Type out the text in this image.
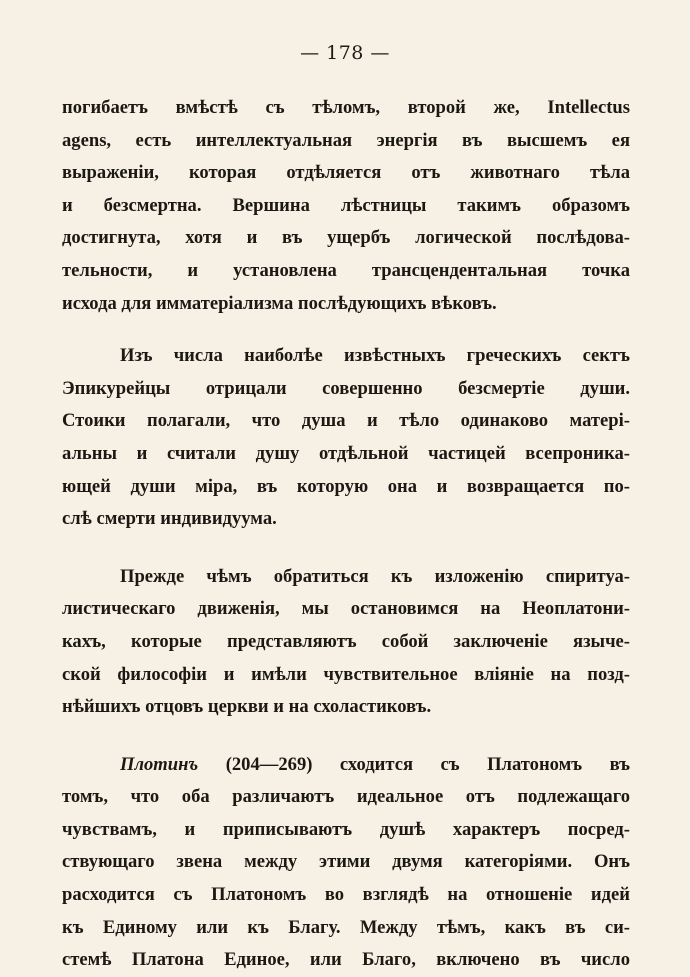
— 178 —
погибаетъ вмѣстѣ съ тѣломъ, второй же, Intellectus
agens, есть интеллектуальная энергія въ высшемъ ея
выраженіи, которая отдѣляется отъ животнаго тѣла
и безсмертна. Вершина лѣстницы такимъ образомъ
достигнута, хотя и въ ущербъ логической послѣдова-
тельности, и установлена трансцендентальная точка
исхода для имматеріализма послѣдующихъ вѣковъ.
Изъ числа наиболѣе извѣстныхъ греческихъ сектъ
Эпикурейцы отрицали совершенно безсмертіе души.
Стоики полагали, что душа и тѣло одинаково матері-
альны и считали душу отдѣльной частицей всепроника-
ющей души міра, въ которую она и возвращается по-
слѣ смерти индивидуума.
Прежде чѣмъ обратиться къ изложенію спиритуа-
листическаго движенія, мы остановимся на Неоплатони-
кахъ, которые представляютъ собой заключеніе языче-
ской философіи и имѣли чувствительное вліяніе на позд-
нѣйшихъ отцовъ церкви и на схоластиковъ.
Плотинъ (204—269) сходится съ Платономъ въ
томъ, что оба различаютъ идеальное отъ подлежащаго
чувствамъ, и приписываютъ душѣ характеръ посред-
ствующаго звена между этими двумя категоріями. Онъ
расходится съ Платономъ во взглядѣ на отношеніе идей
къ Единому или къ Благу. Между тѣмъ, какъ въ си-
стемѣ Платона Единое, или Благо, включено въ число
